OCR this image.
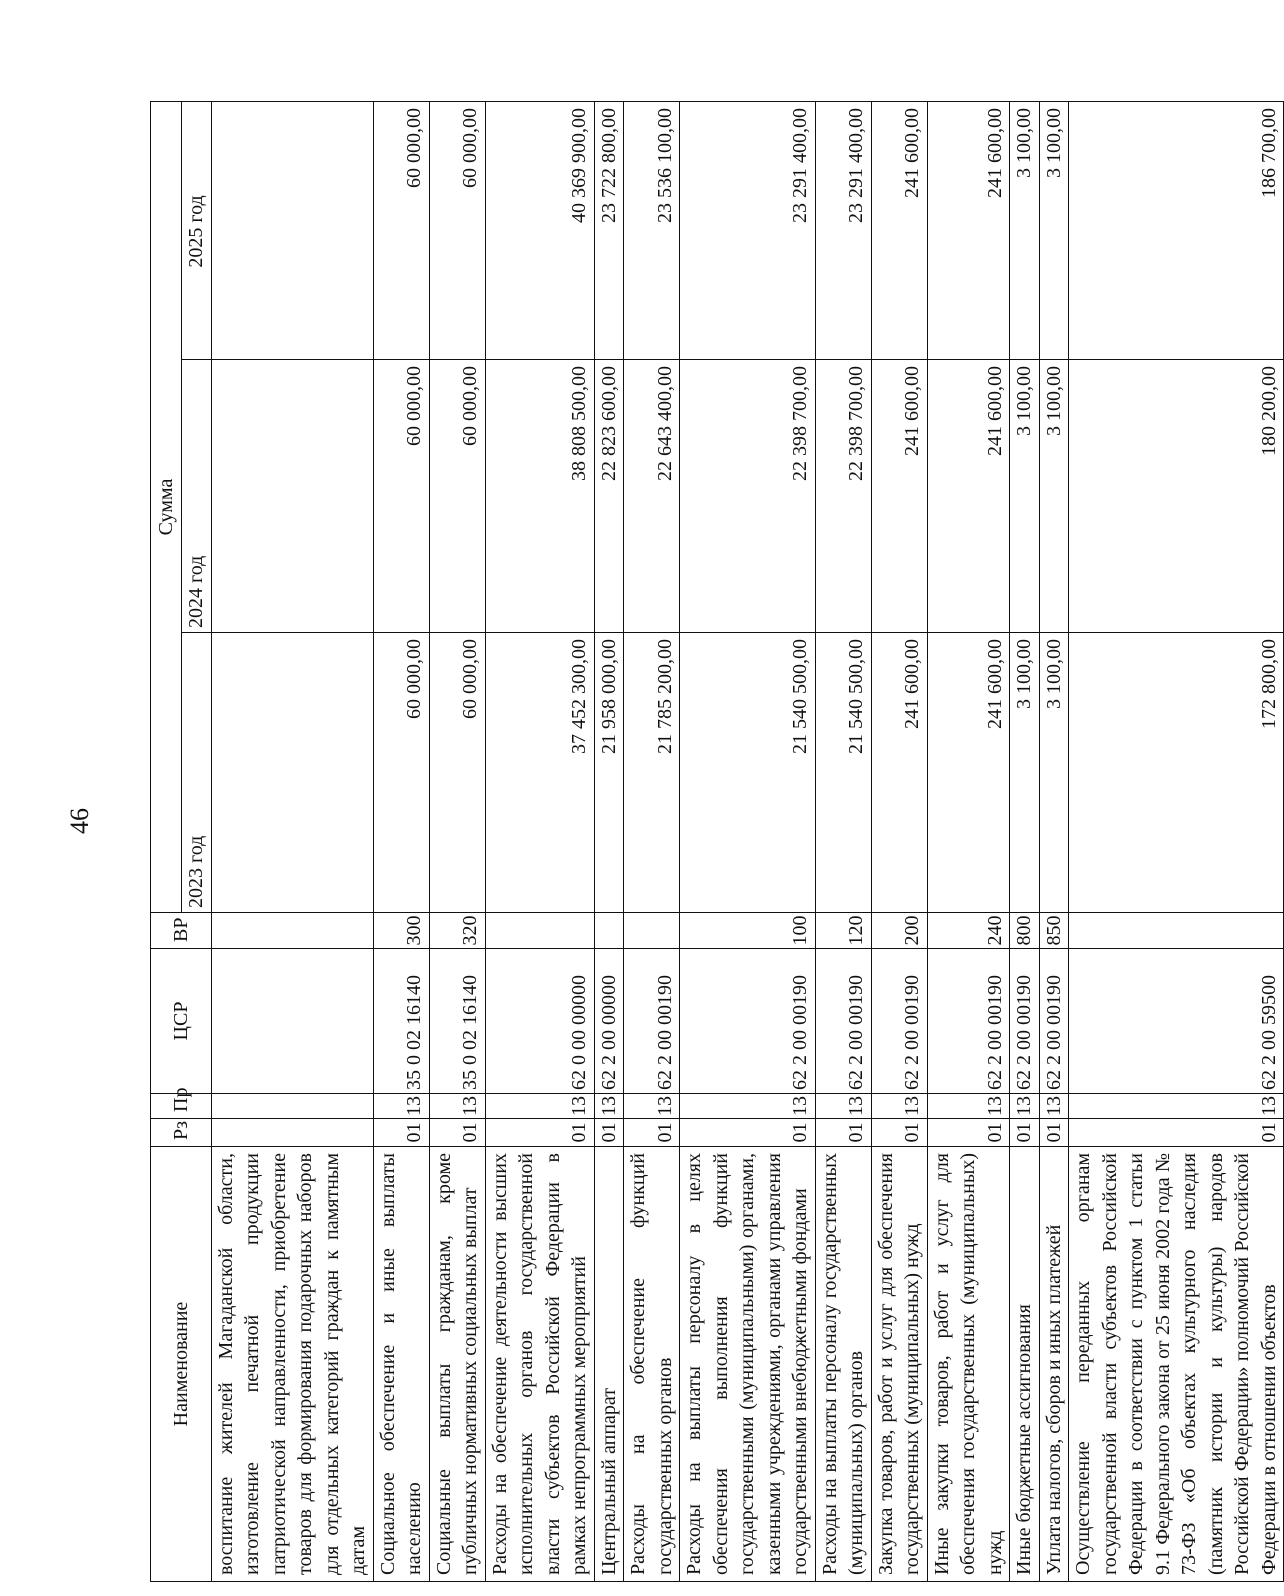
46
Наименование	Рз	Пр	ЦСР	ВР	Сумма		
					2023 год	2024 год	2025 год
воспитание жителей Магаданской области, изготовление печатной продукции патриотической направленности, приобретение товаров для формирования подарочных наборов для отдельных категорий граждан к памятным датам							
Социальное обеспечение и иные выплаты населению	01	13	35 0 02 16140	300	60 000,00	60 000,00	60 000,00
Социальные выплаты гражданам, кроме публичных нормативных социальных выплат	01	13	35 0 02 16140	320	60 000,00	60 000,00	60 000,00
Расходы на обеспечение деятельности высших исполнительных органов государственной власти субъектов Российской Федерации в рамках непрограммных мероприятий	01	13	62 0 00 00000		37 452 300,00	38 808 500,00	40 369 900,00
Центральный аппарат	01	13	62 2 00 00000		21 958 000,00	22 823 600,00	23 722 800,00
Расходы на обеспечение функций государственных органов	01	13	62 2 00 00190		21 785 200,00	22 643 400,00	23 536 100,00
Расходы на выплаты персоналу в целях обеспечения выполнения функций государственными (муниципальными) органами, казенными учреждениями, органами управления государственными внебюджетными фондами	01	13	62 2 00 00190	100	21 540 500,00	22 398 700,00	23 291 400,00
Расходы на выплаты персоналу государственных (муниципальных) органов	01	13	62 2 00 00190	120	21 540 500,00	22 398 700,00	23 291 400,00
Закупка товаров, работ и услуг для обеспечения государственных (муниципальных) нужд	01	13	62 2 00 00190	200	241 600,00	241 600,00	241 600,00
Иные закупки товаров, работ и услуг для обеспечения государственных (муниципальных) нужд	01	13	62 2 00 00190	240	241 600,00	241 600,00	241 600,00
Иные бюджетные ассигнования	01	13	62 2 00 00190	800	3 100,00	3 100,00	3 100,00
Уплата налогов, сборов и иных платежей	01	13	62 2 00 00190	850	3 100,00	3 100,00	3 100,00
Осуществление переданных органам государственной власти субъектов Российской Федерации в соответствии с пунктом 1 статьи 9.1 Федерального закона от 25 июня 2002 года № 73-ФЗ «Об объектах культурного наследия (памятник истории и культуры) народов Российской Федерации» полномочий Российской Федерации в отношении объектов	01	13	62 2 00 59500		172 800,00	180 200,00	186 700,00
